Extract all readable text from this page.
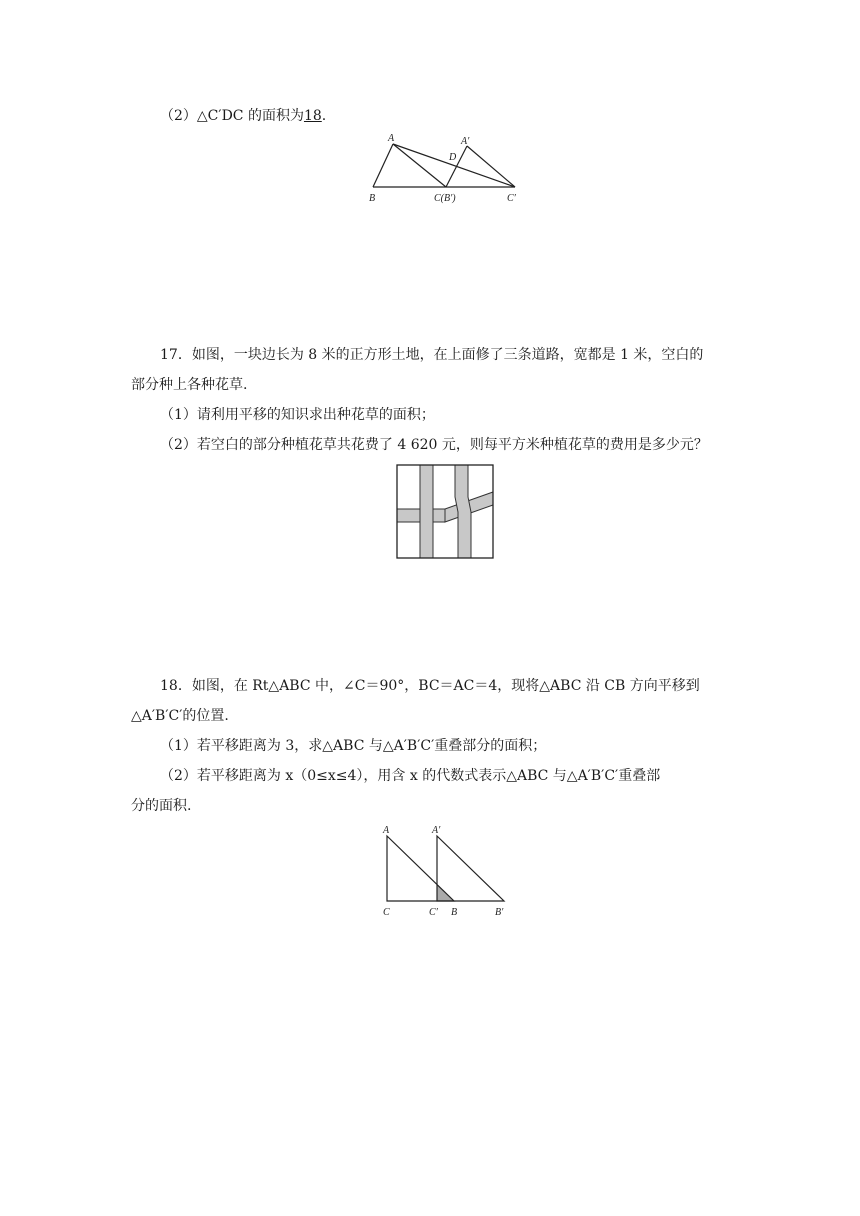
（2）△C′DC 的面积为18.
A	A′
D
B	C(B′)	C′
17．如图，一块边长为 8 米的正方形土地，在上面修了三条道路，宽都是 1 米，空白的
部分种上各种花草.
（1）请利用平移的知识求出种花草的面积；
（2）若空白的部分种植花草共花费了 4 620 元，则每平方米种植花草的费用是多少元？
18．如图，在 Rt△ABC 中，∠C＝90°，BC＝AC＝4，现将△ABC 沿 CB 方向平移到
△A′B′C′的位置.
（1）若平移距离为 3，求△ABC 与△A′B′C′重叠部分的面积；
（2）若平移距离为 x（0≤x≤4），用含 x 的代数式表示△ABC 与△A′B′C′重叠部
分的面积.
A	A′
C	C′ B	B′
